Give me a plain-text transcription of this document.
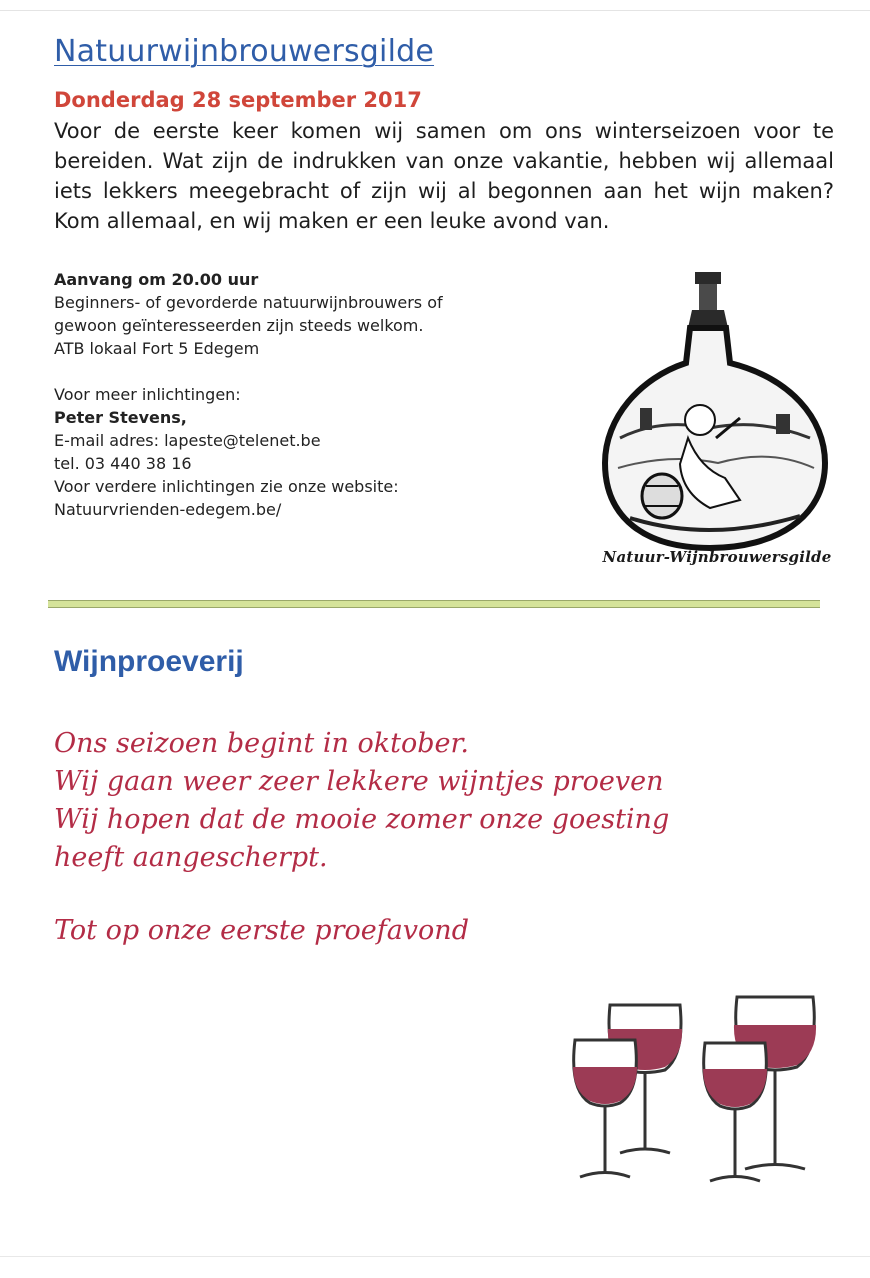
Natuurwijnbrouwersgilde
Donderdag 28 september 2017

Voor de eerste keer komen wij samen om ons winterseizoen voor te bereiden. Wat zijn de indrukken van onze vakantie, hebben wij allemaal iets lekkers meegebracht of zijn wij al begonnen aan het wijn maken? Kom allemaal, en wij maken er een leuke avond van.

Aanvang om 20.00 uur
Beginners- of gevorderde natuurwijnbrouwers of
gewoon geïnteresseerden zijn steeds welkom.
ATB lokaal Fort 5 Edegem
Voor meer inlichtingen:
Peter Stevens,
E-mail adres: lapeste@telenet.be
tel. 03 440 38 16
Voor verdere inlichtingen zie onze website:
Natuurvrienden-edegem.be/
Natuur-Wijnbrouwersgilde
Wijnproeverij
Ons seizoen begint in oktober.
Wij gaan weer zeer lekkere wijntjes proeven
Wij hopen dat de mooie zomer onze goesting
heeft aangescherpt.

Tot op onze eerste proefavond
